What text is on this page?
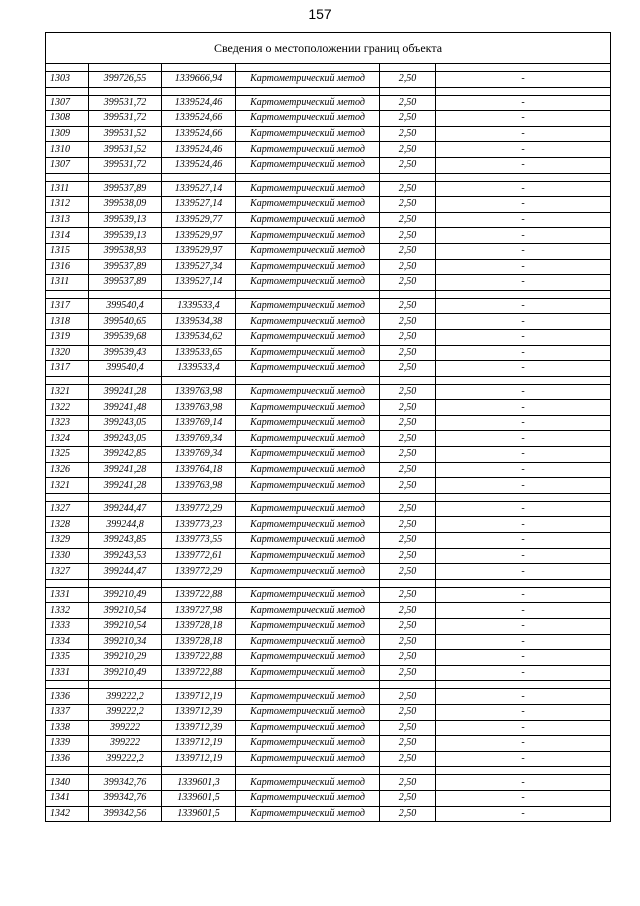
157
Сведения о местоположении границ объекта					

1303	399726,55	1339666,94	Картометрический метод	2,50	-

1307	399531,72	1339524,46	Картометрический метод	2,50	-
1308	399531,72	1339524,66	Картометрический метод	2,50	-
1309	399531,52	1339524,66	Картометрический метод	2,50	-
1310	399531,52	1339524,46	Картометрический метод	2,50	-
1307	399531,72	1339524,46	Картометрический метод	2,50	-

1311	399537,89	1339527,14	Картометрический метод	2,50	-
1312	399538,09	1339527,14	Картометрический метод	2,50	-
1313	399539,13	1339529,77	Картометрический метод	2,50	-
1314	399539,13	1339529,97	Картометрический метод	2,50	-
1315	399538,93	1339529,97	Картометрический метод	2,50	-
1316	399537,89	1339527,34	Картометрический метод	2,50	-
1311	399537,89	1339527,14	Картометрический метод	2,50	-

1317	399540,4	1339533,4	Картометрический метод	2,50	-
1318	399540,65	1339534,38	Картометрический метод	2,50	-
1319	399539,68	1339534,62	Картометрический метод	2,50	-
1320	399539,43	1339533,65	Картометрический метод	2,50	-
1317	399540,4	1339533,4	Картометрический метод	2,50	-

1321	399241,28	1339763,98	Картометрический метод	2,50	-
1322	399241,48	1339763,98	Картометрический метод	2,50	-
1323	399243,05	1339769,14	Картометрический метод	2,50	-
1324	399243,05	1339769,34	Картометрический метод	2,50	-
1325	399242,85	1339769,34	Картометрический метод	2,50	-
1326	399241,28	1339764,18	Картометрический метод	2,50	-
1321	399241,28	1339763,98	Картометрический метод	2,50	-

1327	399244,47	1339772,29	Картометрический метод	2,50	-
1328	399244,8	1339773,23	Картометрический метод	2,50	-
1329	399243,85	1339773,55	Картометрический метод	2,50	-
1330	399243,53	1339772,61	Картометрический метод	2,50	-
1327	399244,47	1339772,29	Картометрический метод	2,50	-

1331	399210,49	1339722,88	Картометрический метод	2,50	-
1332	399210,54	1339727,98	Картометрический метод	2,50	-
1333	399210,54	1339728,18	Картометрический метод	2,50	-
1334	399210,34	1339728,18	Картометрический метод	2,50	-
1335	399210,29	1339722,88	Картометрический метод	2,50	-
1331	399210,49	1339722,88	Картометрический метод	2,50	-

1336	399222,2	1339712,19	Картометрический метод	2,50	-
1337	399222,2	1339712,39	Картометрический метод	2,50	-
1338	399222	1339712,39	Картометрический метод	2,50	-
1339	399222	1339712,19	Картометрический метод	2,50	-
1336	399222,2	1339712,19	Картометрический метод	2,50	-

1340	399342,76	1339601,3	Картометрический метод	2,50	-
1341	399342,76	1339601,5	Картометрический метод	2,50	-
1342	399342,56	1339601,5	Картометрический метод	2,50	-
